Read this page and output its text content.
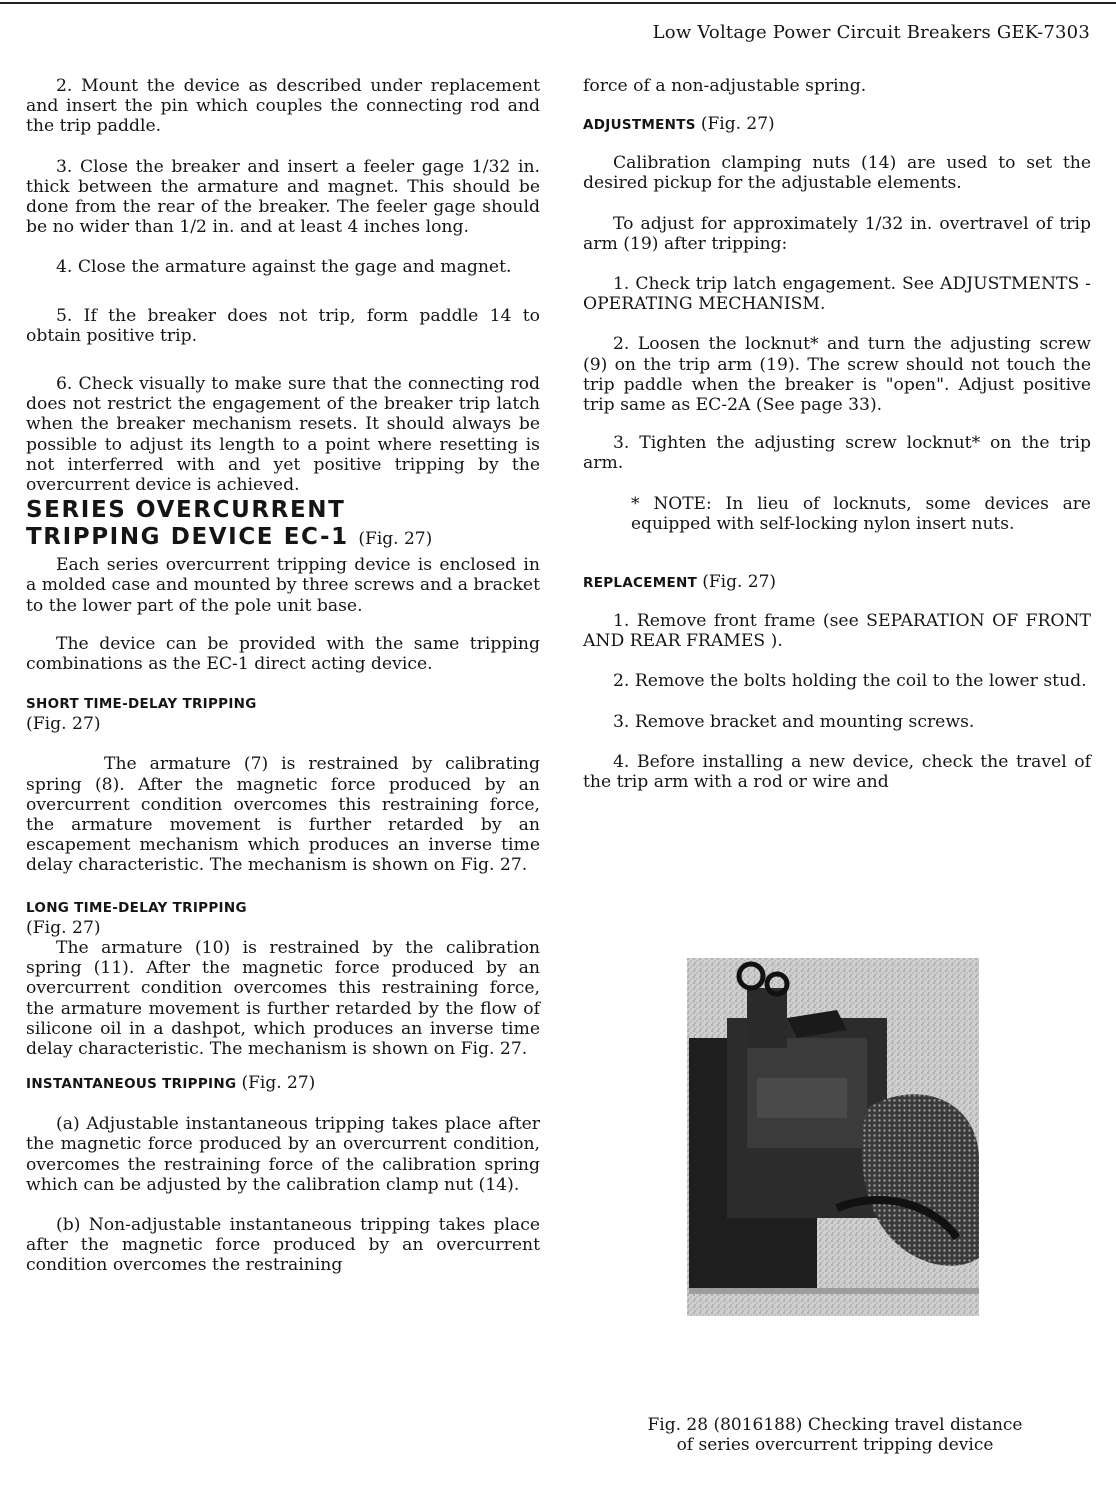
Low Voltage Power Circuit Breakers GEK-7303

2. Mount the device as described under replacement and insert the pin which couples the connecting rod and the trip paddle.

3. Close the breaker and insert a feeler gage 1/32 in. thick between the armature and magnet. This should be done from the rear of the breaker. The feeler gage should be no wider than 1/2 in. and at least 4 inches long.

4. Close the armature against the gage and magnet.

5. If the breaker does not trip, form paddle 14 to obtain positive trip.

6. Check visually to make sure that the connecting rod does not restrict the engagement of the breaker trip latch when the breaker mechanism resets. It should always be possible to adjust its length to a point where resetting is not interferred with and yet positive tripping by the overcurrent device is achieved.

SERIES OVERCURRENT
TRIPPING DEVICE EC-1 (Fig. 27)

Each series overcurrent tripping device is enclosed in a molded case and mounted by three screws and a bracket to the lower part of the pole unit base.

The device can be provided with the same tripping combinations as the EC-1 direct acting device.

SHORT TIME-DELAY TRIPPING

(Fig. 27)

The armature (7) is restrained by calibrating spring (8). After the magnetic force produced by an overcurrent condition overcomes this restraining force, the armature movement is further retarded by an escapement mechanism which produces an inverse time delay characteristic. The mechanism is shown on Fig. 27.

LONG TIME-DELAY TRIPPING

(Fig. 27)

The armature (10) is restrained by the calibration spring (11). After the magnetic force produced by an overcurrent condition overcomes this restraining force, the armature movement is further retarded by the flow of silicone oil in a dashpot, which produces an inverse time delay characteristic. The mechanism is shown on Fig. 27.

INSTANTANEOUS TRIPPING (Fig. 27)

(a) Adjustable instantaneous tripping takes place after the magnetic force produced by an overcurrent condition, overcomes the restraining force of the calibration spring which can be adjusted by the calibration clamp nut (14).

(b) Non-adjustable instantaneous tripping takes place after the magnetic force produced by an overcurrent condition overcomes the restraining

force of a non-adjustable spring.

ADJUSTMENTS (Fig. 27)

Calibration clamping nuts (14) are used to set the desired pickup for the adjustable elements.

To adjust for approximately 1/32 in. overtravel of trip arm (19) after tripping:

1. Check trip latch engagement. See ADJUSTMENTS - OPERATING MECHANISM.

2. Loosen the locknut* and turn the adjusting screw (9) on the trip arm (19). The screw should not touch the trip paddle when the breaker is "open". Adjust positive trip same as EC-2A (See page 33).

3. Tighten the adjusting screw locknut* on the trip arm.

* NOTE: In lieu of locknuts, some devices are equipped with self-locking nylon insert nuts.

REPLACEMENT (Fig. 27)

1. Remove front frame (see SEPARATION OF FRONT AND REAR FRAMES ).

2. Remove the bolts holding the coil to the lower stud.

3. Remove bracket and mounting screws.

4. Before installing a new device, check the travel of the trip arm with a rod or wire and

Fig. 28 (8016188) Checking travel distance
of series overcurrent tripping device
